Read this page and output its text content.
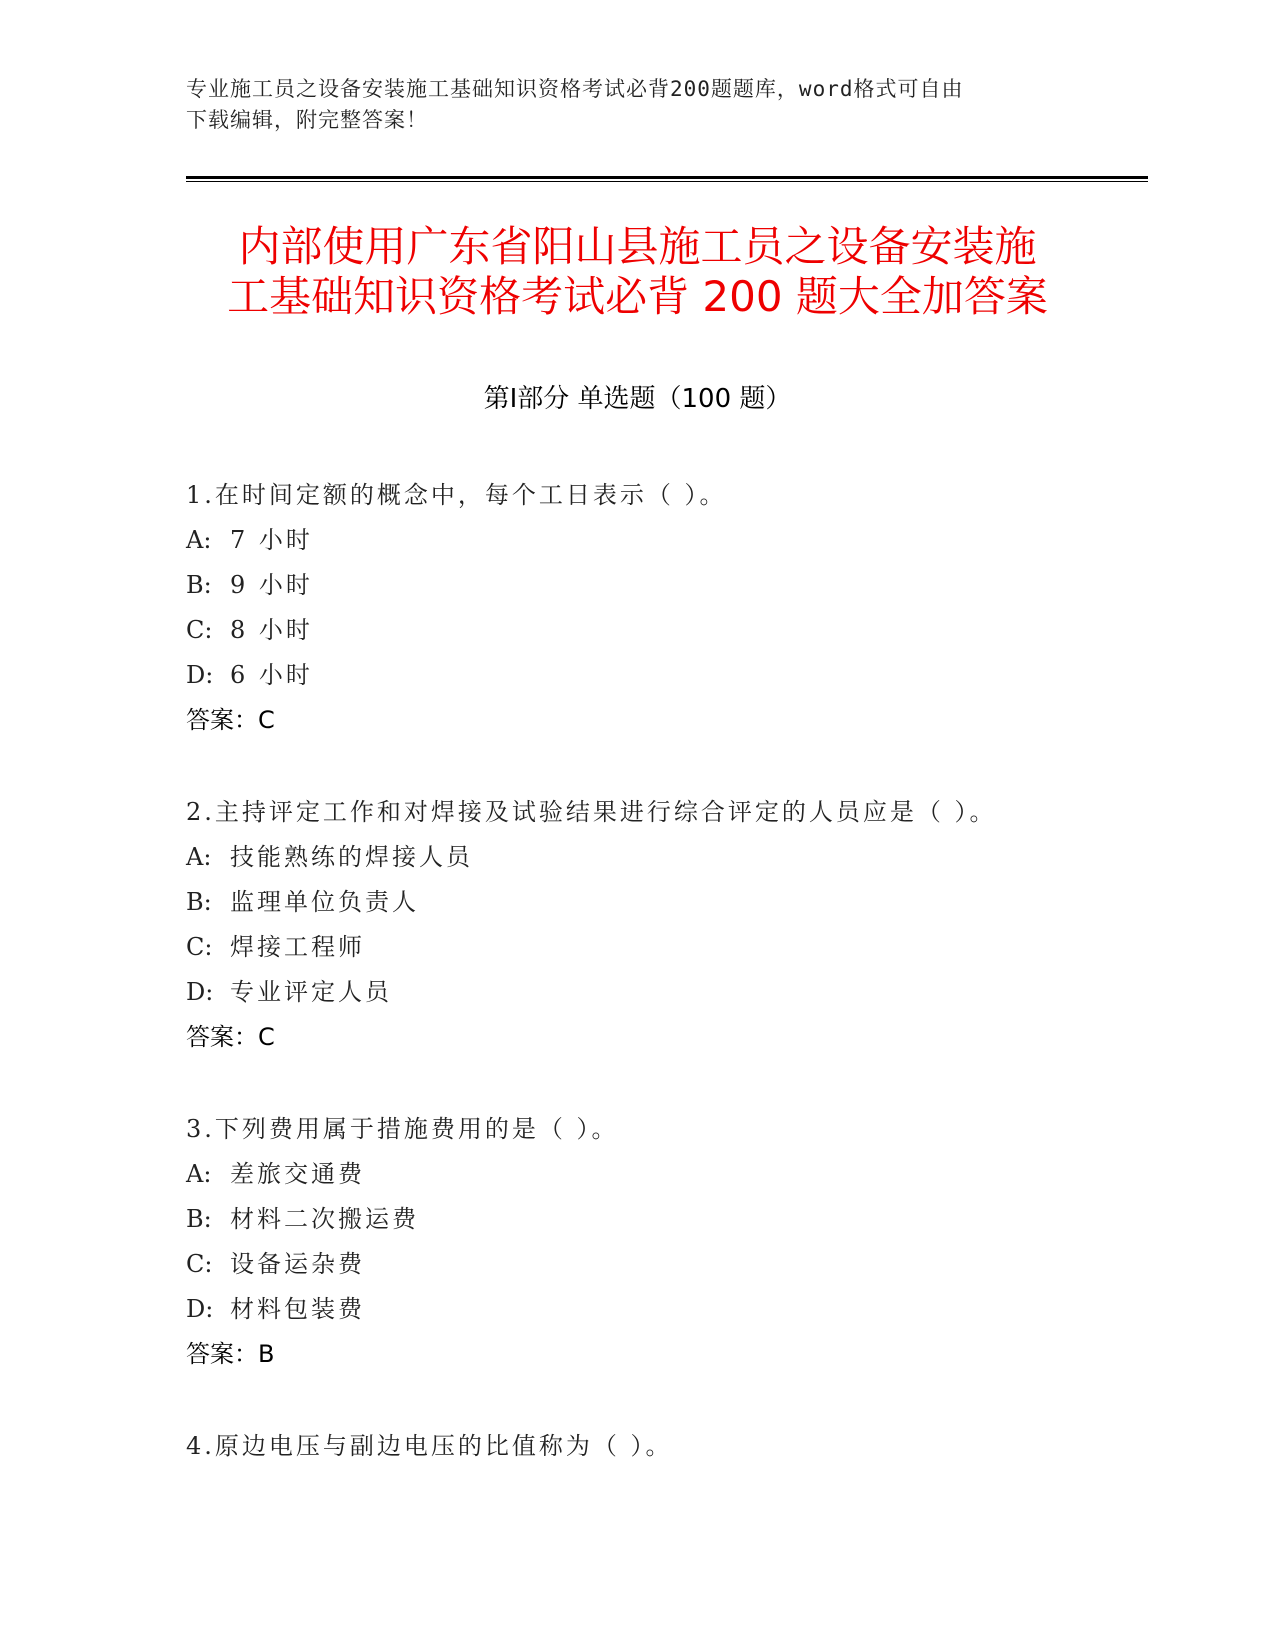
专业施工员之设备安装施工基础知识资格考试必背200题题库，word格式可自由
下载编辑，附完整答案！
内部使用广东省阳山县施工员之设备安装施
工基础知识资格考试必背 200 题大全加答案
第Ⅰ部分 单选题（100 题）
1.在时间定额的概念中，每个工日表示（ ）。
A: 7 小时
B: 9 小时
C: 8 小时
D: 6 小时
答案：C
2.主持评定工作和对焊接及试验结果进行综合评定的人员应是（ ）。
A: 技能熟练的焊接人员
B: 监理单位负责人
C: 焊接工程师
D: 专业评定人员
答案：C
3.下列费用属于措施费用的是（ ）。
A: 差旅交通费
B: 材料二次搬运费
C: 设备运杂费
D: 材料包装费
答案：B
4.原边电压与副边电压的比值称为（ ）。
